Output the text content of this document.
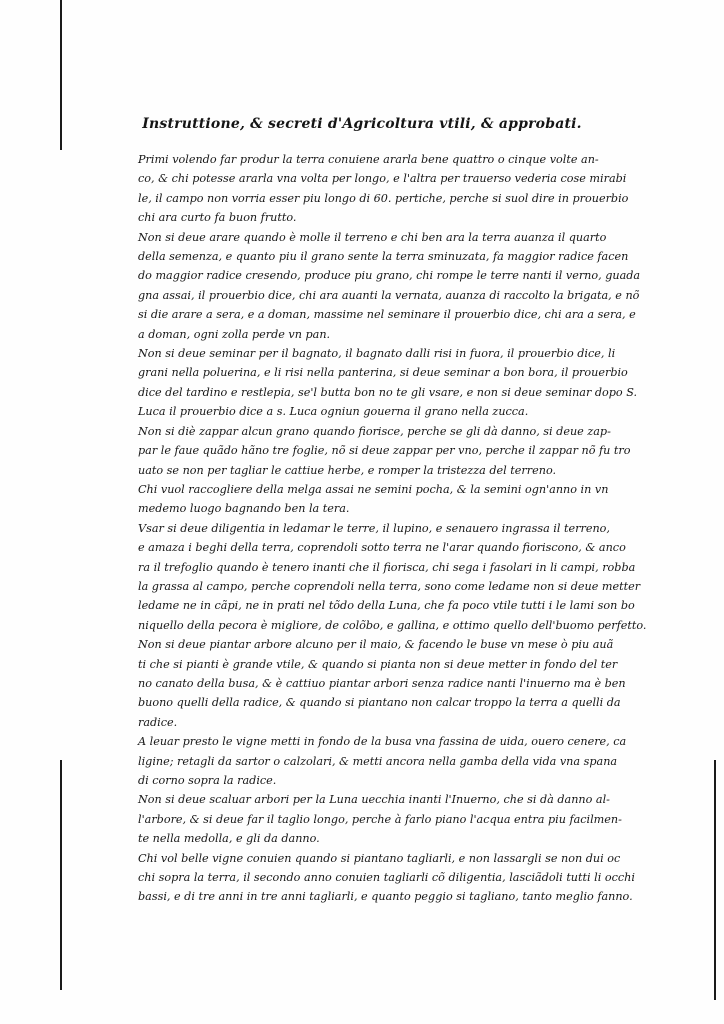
Instruttione, & secreti d'Agricoltura vtili, & approbati.

Primi volendo far produr la terra conuiene ararla bene quattro o cinque volte an-
co, & chi potesse ararla vna volta per longo, e l'altra per trauerso vederia cose mirabi
le, il campo non vorria esser piu longo di 60. pertiche, perche si suol dire in prouerbio
chi ara curto fa buon frutto.

Non si deue arare quando è molle il terreno e chi ben ara la terra auanza il quarto
della semenza, e quanto piu il grano sente la terra sminuzata, fa maggior radice facen
do maggior radice cresendo, produce piu grano, chi rompe le terre nanti il verno, guada
gna assai, il prouerbio dice, chi ara auanti la vernata, auanza di raccolto la brigata, e nõ
si die arare a sera, e a doman, massime nel seminare il prouerbio dice, chi ara a sera, e
a doman, ogni zolla perde vn pan.

Non si deue seminar per il bagnato, il bagnato dalli risi in fuora, il prouerbio dice, li
grani nella poluerina, e li risi nella panterina, si deue seminar a bon bora, il prouerbio
dice del tardino e restlepia, se'l butta bon no te gli vsare, e non si deue seminar dopo S.
Luca il prouerbio dice a s. Luca ogniun gouerna il grano nella zucca.

Non si diè zappar alcun grano quando fiorisce, perche se gli dà danno, si deue zap-
par le faue quãdo hãno tre foglie, nõ si deue zappar per vno, perche il zappar nõ fu tro
uato se non per tagliar le cattiue herbe, e romper la tristezza del terreno.

Chi vuol raccogliere della melga assai ne semini pocha, & la semini ogn'anno in vn
medemo luogo bagnando ben la tera.

Vsar si deue diligentia in ledamar le terre, il lupino, e senauero ingrassa il terreno,
e amaza i beghi della terra, coprendoli sotto terra ne l'arar quando fioriscono, & anco
ra il trefoglio quando è tenero inanti che il fiorisca, chi sega i fasolari in li campi, robba
la grassa al campo, perche coprendoli nella terra, sono come ledame non si deue metter
ledame ne in cãpi, ne in prati nel tõdo della Luna, che fa poco vtile tutti i le lami son bo
niquello della pecora è migliore, de colõbo, e gallina, e ottimo quello dell'buomo perfetto.

Non si deue piantar arbore alcuno per il maio, & facendo le buse vn mese ò piu auã
ti che si pianti è grande vtile, & quando si pianta non si deue metter in fondo del ter
no canato della busa, & è cattiuo piantar arbori senza radice nanti l'inuerno ma è ben
buono quelli della radice, & quando si piantano non calcar troppo la terra a quelli da
radice.

A leuar presto le vigne metti in fondo de la busa vna fassina de uida, ouero cenere, ca
ligine; retagli da sartor o calzolari, & metti ancora nella gamba della vida vna spana
di corno sopra la radice.

Non si deue scaluar arbori per la Luna uecchia inanti l'Inuerno, che si dà danno al-
l'arbore, & si deue far il taglio longo, perche à farlo piano l'acqua entra piu facilmen-
te nella medolla, e gli da danno.

Chi vol belle vigne conuien quando si piantano tagliarli, e non lassargli se non dui oc
chi sopra la terra, il secondo anno conuien tagliarli cõ diligentia, lasciãdoli tutti li occhi
bassi, e di tre anni in tre anni tagliarli, e quanto peggio si tagliano, tanto meglio fanno.
